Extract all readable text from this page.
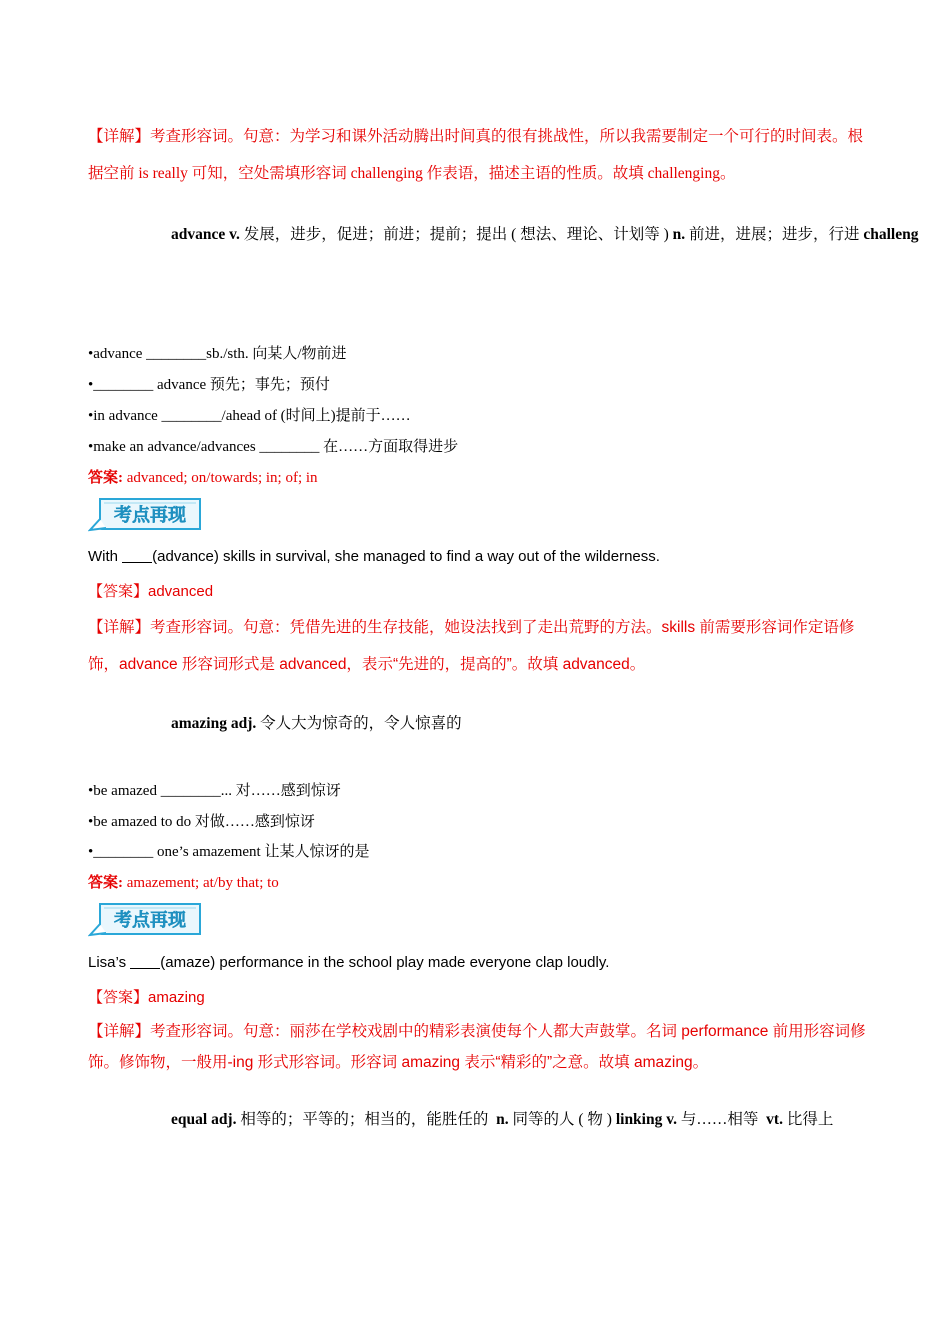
【详解】考查形容词。句意：为学习和课外活动腾出时间真的很有挑战性，所以我需要制定一个可行的时间表。根据空前 is really 可知，空处需填形容词 challenging 作表语，描述主语的性质。故填 challenging。
advance v. 发展，进步，促进；前进；提前；提出 ( 想法、理论、计划等 ) n. 前进，进展；进步，行进 challeng
•advance ________sb./sth. 向某人/物前进
•________ advance 预先；事先；预付
•in advance ________/ahead of (时间上)提前于……
•make an advance/advances ________ 在……方面取得进步
答案: advanced; on/towards; in; of; in
考点再现
With (advance) skills in survival, she managed to find a way out of the wilderness.
【答案】advanced
【详解】考查形容词。句意：凭借先进的生存技能，她设法找到了走出荒野的方法。skills 前需要形容词作定语修饰，advance 形容词形式是 advanced，表示“先进的，提高的”。故填 advanced。
amazing adj. 令人大为惊奇的，令人惊喜的
•be amazed ________... 对……感到惊讶
•be amazed to do 对做……感到惊讶
•________ one’s amazement 让某人惊讶的是
答案: amazement; at/by that; to
考点再现
Lisa’s (amaze) performance in the school play made everyone clap loudly.
【答案】amazing
【详解】考查形容词。句意：丽莎在学校戏剧中的精彩表演使每个人都大声鼓掌。名词 performance 前用形容词修饰。修饰物，一般用-ing 形式形容词。形容词 amazing 表示“精彩的”之意。故填 amazing。
equal adj. 相等的；平等的；相当的，能胜任的 n. 同等的人 ( 物 ) linking v. 与……相等 vt. 比得上
